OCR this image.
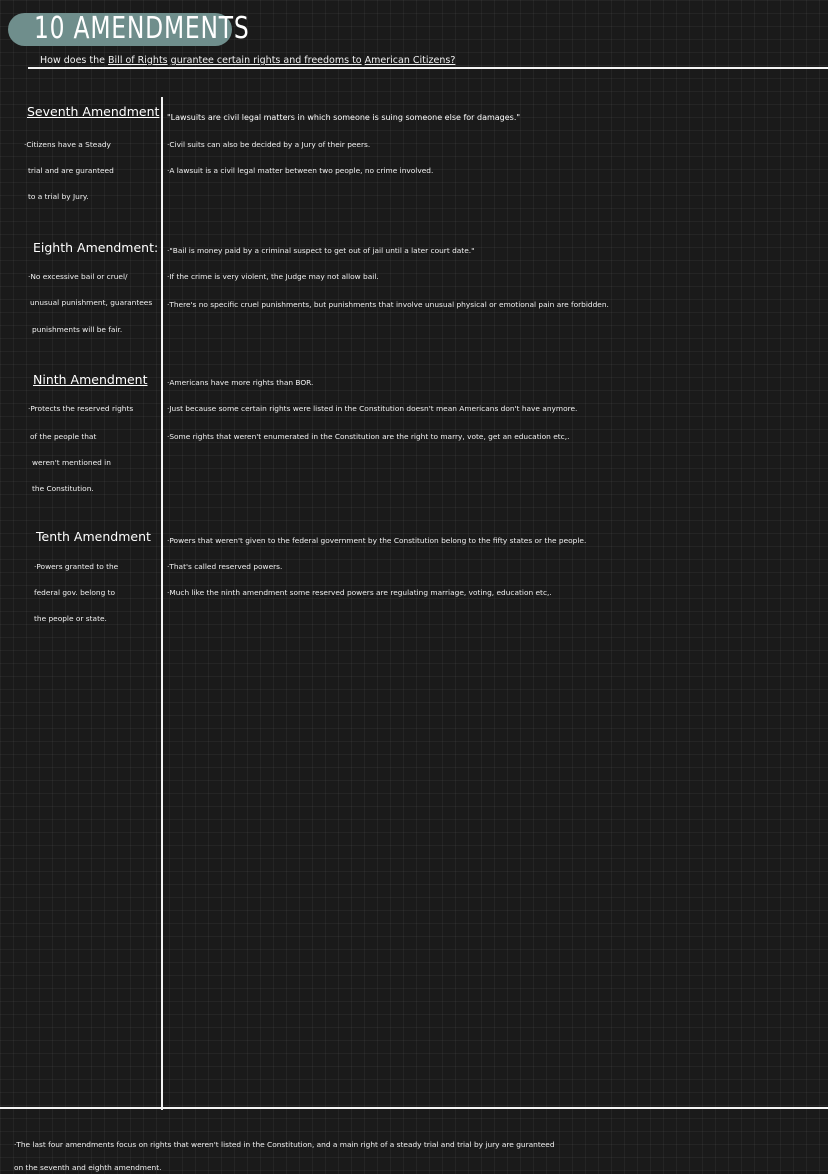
10 AMENDMENTS
How does the Bill of Rights gurantee certain rights and freedoms to American Citizens?
Seventh Amendment
·Citizens have a Steady
trial and are guranteed
to a trial by Jury.
"Lawsuits are civil legal matters in which someone is suing someone else for damages."
·Civil suits can also be decided by a Jury of their peers.
·A lawsuit is a civil legal matter between two people, no crime involved.
Eighth Amendment:
·No excessive bail or cruel/
unusual punishment, guarantees
punishments will be fair.
·"Bail is money paid by a criminal suspect to get out of jail until a later court date."
·If the crime is very violent, the Judge may not allow bail.
·There's no specific cruel punishments, but punishments that involve unusual physical or emotional pain are forbidden.
Ninth Amendment
·Protects the reserved rights
of the people that
weren't mentioned in
the Constitution.
·Americans have more rights than BOR.
·Just because some certain rights were listed in the Constitution doesn't mean Americans don't have anymore.
·Some rights that weren't enumerated in the Constitution are the right to marry, vote, get an education etc,.
Tenth Amendment
·Powers granted to the
federal gov. belong to
the people or state.
·Powers that weren't given to the federal government by the Constitution belong to the fifty states or the people.
·That's called reserved powers.
·Much like the ninth amendment some reserved powers are regulating marriage, voting, education etc,.
·The last four amendments focus on rights that weren't listed in the Constitution, and a main right of a steady trial and trial by jury are guranteed
on the seventh and eighth amendment.
